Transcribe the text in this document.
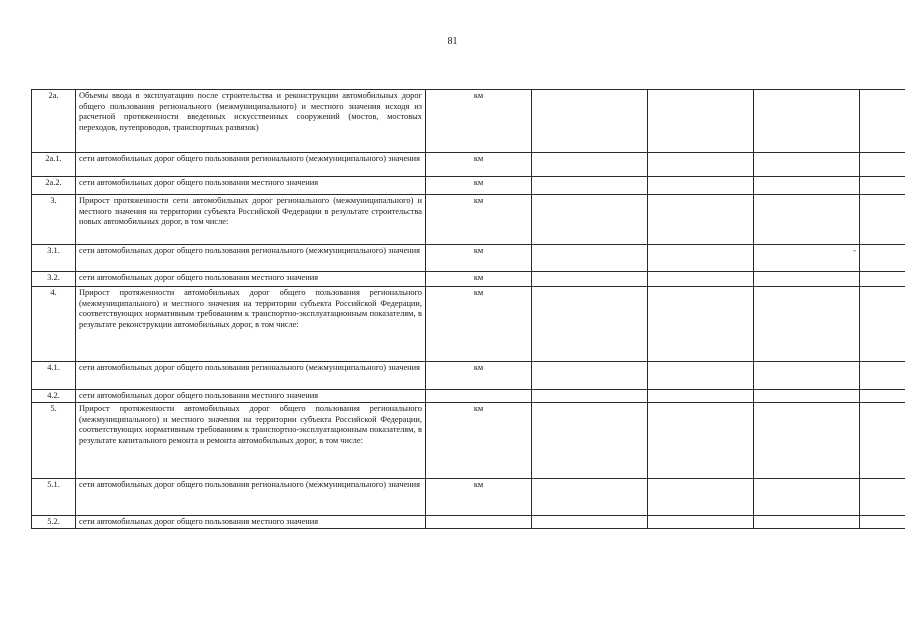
81
2а.	Объемы ввода в эксплуатацию после строительства и реконструкции автомобильных дорог общего пользования регионального (межмуниципального) и местного значения исходя из расчетной протяженности введенных искусственных сооружений (мостов, мостовых переходов, путепроводов, транспортных развязок)	км				
2а.1.	сети автомобильных дорог общего пользования регионального (межмуниципального) значения	км				
2а.2.	сети автомобильных дорог общего пользования местного значения	км				
3.	Прирост протяженности сети автомобильных дорог регионального (межмуниципального) и местного значения на территории субъекта Российской Федерации в результате строительства новых автомобильных дорог, в том числе:	км				
3.1.	сети автомобильных дорог общего пользования регионального (межмуниципального) значения	км			-	
3.2.	сети автомобильных дорог общего пользования местного значения	км				
4.	Прирост протяженности автомобильных дорог общего пользования регионального (межмуниципального) и местного значения на территории субъекта Российской Федерации, соответствующих нормативным требованиям к транспортно-эксплуатационным показателям, в результате реконструкции автомобильных дорог, в том числе:	км				
4.1.	сети автомобильных дорог общего пользования регионального (межмуниципального) значения	км				
4.2.	сети автомобильных дорог общего пользования местного значения					
5.	Прирост протяженности автомобильных дорог общего пользования регионального (межмуниципального) и местного значения на территории субъекта Российской Федерации, соответствующих нормативным требованиям к транспортно-эксплуатационным показателям, в результате капитального ремонта и ремонта автомобильных дорог, в том числе:	км				
5.1.	сети автомобильных дорог общего пользования регионального (межмуниципального) значения	км				
5.2.	сети автомобильных дорог общего пользования местного значения					
